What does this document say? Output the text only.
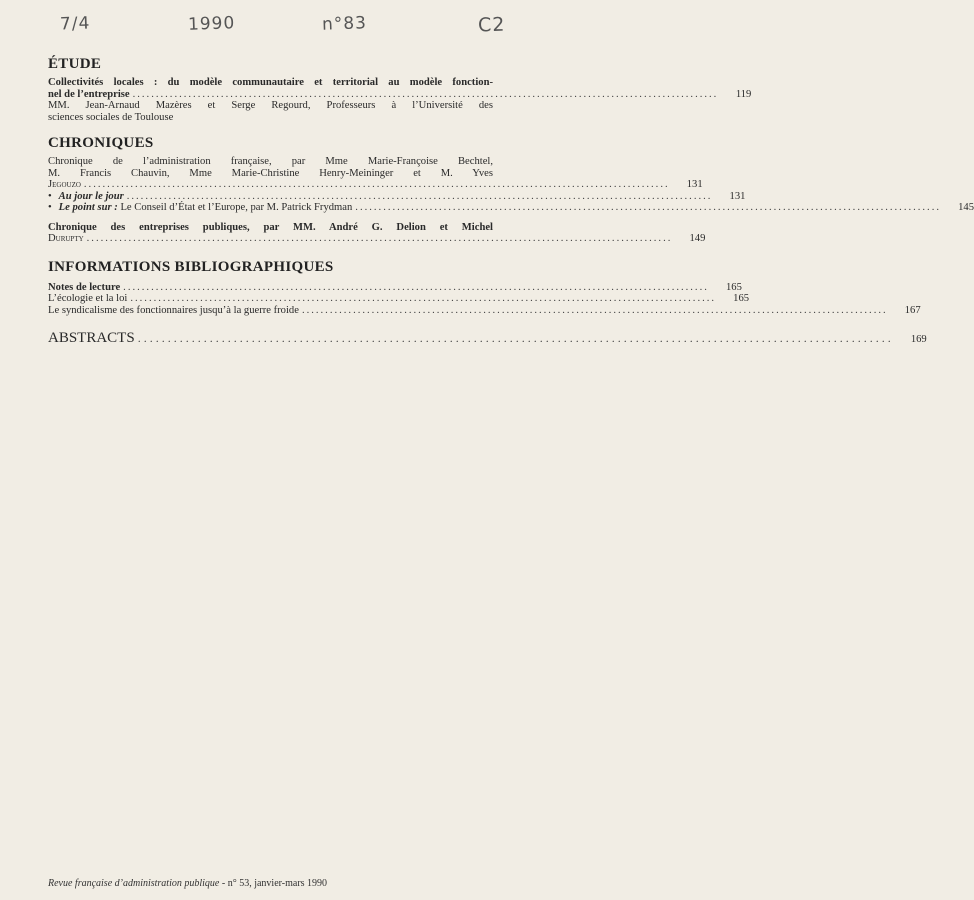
7/4	1990	n°83	C2
ÉTUDE
Collectivités locales : du modèle communautaire et territorial au modèle fonction-
nel de l’entreprise ..............................................................................................................................	119
MM. Jean-Arnaud Mazères et Serge Regourd, Professeurs à l’Université des
sciences sociales de Toulouse
CHRONIQUES
Chronique de l’administration française, par Mme Marie-Françoise Bechtel,
M. Francis Chauvin, Mme Marie-Christine Henry-Meininger et M. Yves
Jegouzo ..............................................................................................................................	131
• Au jour le jour ..............................................................................................................................	131
• Le point sur : Le Conseil d’État et l’Europe, par M. Patrick Frydman ..............................................................................................................................	145
Chronique des entreprises publiques, par MM. André G. Delion et Michel
Durupty ..............................................................................................................................	149
INFORMATIONS BIBLIOGRAPHIQUES
Notes de lecture ..............................................................................................................................	165
L’écologie et la loi ..............................................................................................................................	165
Le syndicalisme des fonctionnaires jusqu’à la guerre froide ..............................................................................................................................	167
ABSTRACTS ..............................................................................................................................	169
Revue française d’administration publique - n° 53, janvier-mars 1990
